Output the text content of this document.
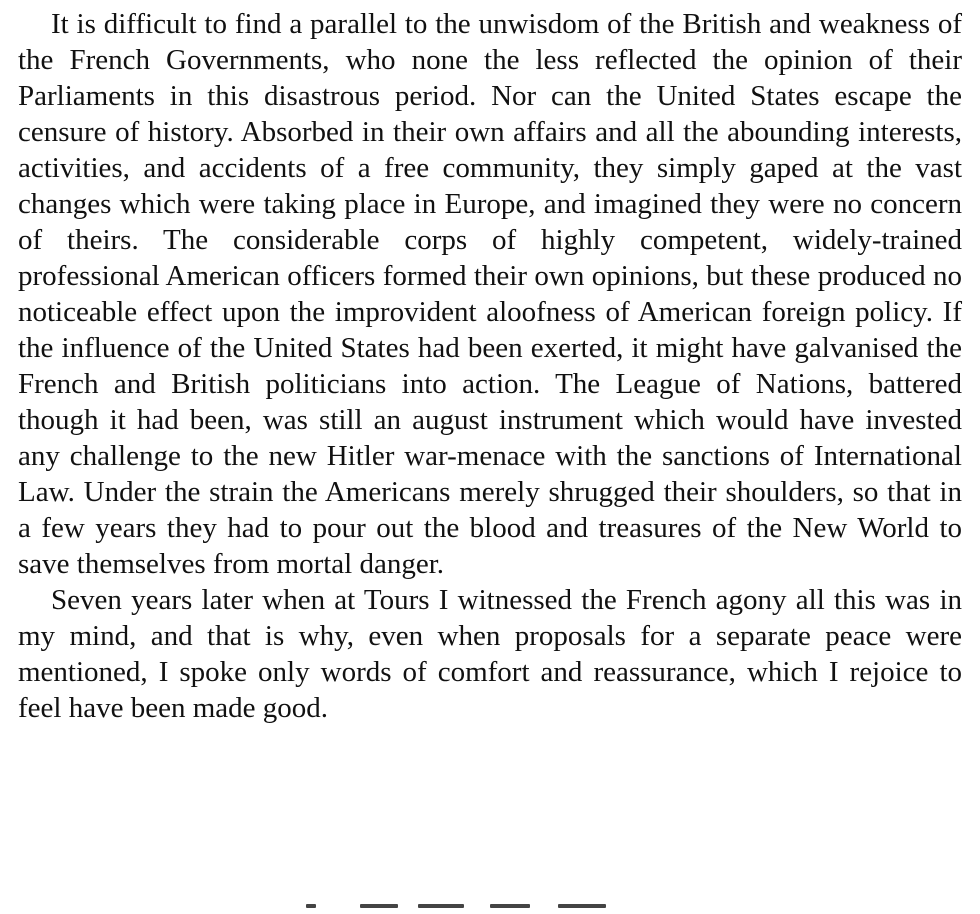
It is difficult to find a parallel to the unwisdom of the British and weakness of the French Governments, who none the less reflected the opinion of their Parliaments in this disastrous period. Nor can the United States escape the censure of history. Absorbed in their own affairs and all the abounding interests, activities, and accidents of a free community, they simply gaped at the vast changes which were taking place in Europe, and imagined they were no concern of theirs. The considerable corps of highly competent, widely-trained professional American officers formed their own opinions, but these produced no noticeable effect upon the improvident aloofness of American foreign policy. If the influence of the United States had been exerted, it might have galvanised the French and British politicians into action. The League of Nations, battered though it had been, was still an august instrument which would have invested any challenge to the new Hitler war-menace with the sanctions of International Law. Under the strain the Americans merely shrugged their shoulders, so that in a few years they had to pour out the blood and treasures of the New World to save themselves from mortal danger.

Seven years later when at Tours I witnessed the French agony all this was in my mind, and that is why, even when proposals for a separate peace were mentioned, I spoke only words of comfort and reassurance, which I rejoice to feel have been made good.
